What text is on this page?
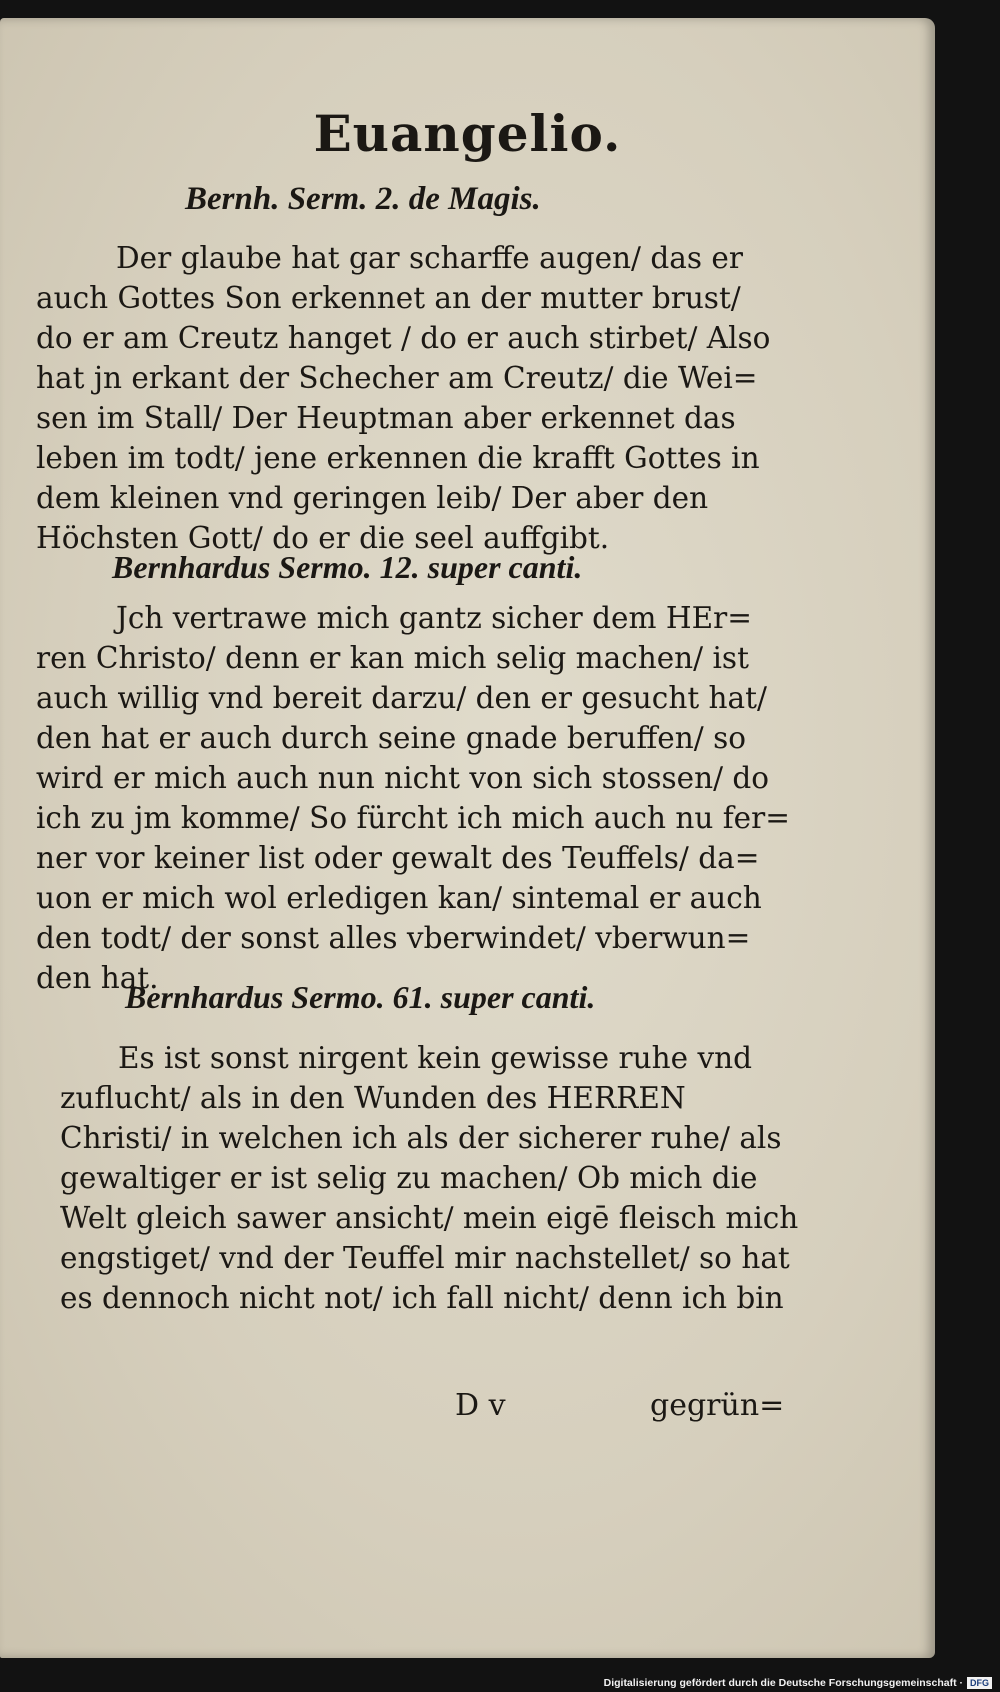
Euangelio.
Bernh. Serm. 2. de Magis.
Der glaube hat gar scharffe augen/ das er
auch Gottes Son erkennet an der mutter brust/
do er am Creutz hanget / do er auch stirbet/ Also
hat jn erkant der Schecher am Creutz/ die Wei=
sen im Stall/ Der Heuptman aber erkennet das
leben im todt/ jene erkennen die krafft Gottes in
dem kleinen vnd geringen leib/ Der aber den
Höchsten Gott/ do er die seel auffgibt.
Bernhardus Sermo. 12. super canti.
Jch vertrawe mich gantz sicher dem HEr=
ren Christo/ denn er kan mich selig machen/ ist
auch willig vnd bereit darzu/ den er gesucht hat/
den hat er auch durch seine gnade beruffen/ so
wird er mich auch nun nicht von sich stossen/ do
ich zu jm komme/ So fürcht ich mich auch nu fer=
ner vor keiner list oder gewalt des Teuffels/ da=
uon er mich wol erledigen kan/ sintemal er auch
den todt/ der sonst alles vberwindet/ vberwun=
den hat.
Bernhardus Sermo. 61. super canti.
Es ist sonst nirgent kein gewisse ruhe vnd
zuflucht/ als in den Wunden des HERREN
Christi/ in welchen ich als der sicherer ruhe/ als
gewaltiger er ist selig zu machen/ Ob mich die
Welt gleich sawer ansicht/ mein eigē fleisch mich
engstiget/ vnd der Teuffel mir nachstellet/ so hat
es dennoch nicht not/ ich fall nicht/ denn ich bin
D v	gegrün=
Digitalisierung gefördert durch die Deutsche Forschungsgemeinschaft · DFG
